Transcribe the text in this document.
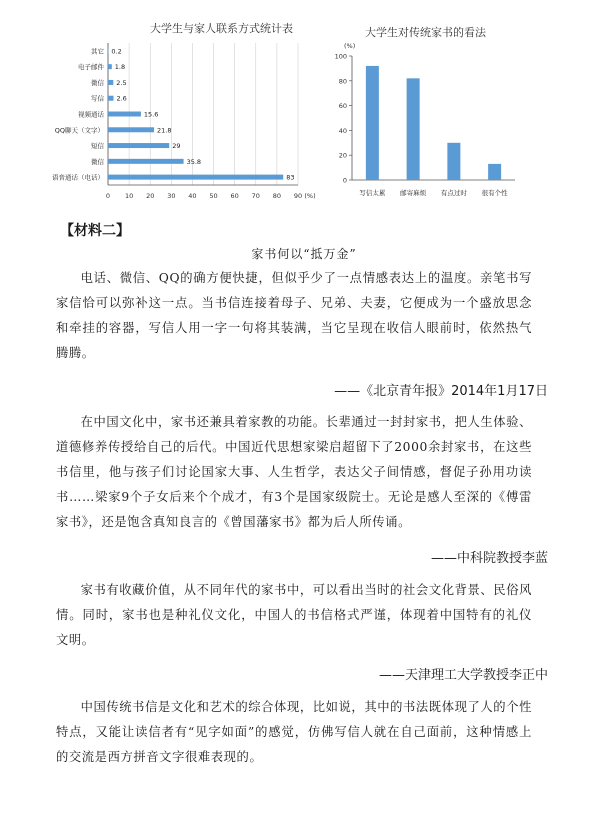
大学生与家人联系方式统计表
0 10 20 30 40 50 60 70 80 90 (%)
其它 0.2
电子邮件 1.8
微信 2.5
写信 2.6
视频通话	15.6
QQ聊天（文字）	21.8
短信	29
微信	35.8
语音通话（电话）	83
大学生对传统家书的看法
0
20
40
60
80
100
(%)
写信太累 邮寄麻烦 有点过时 很有个性
【材料二】
家书何以“抵万金”
电话、微信、QQ的确方便快捷，但似乎少了一点情感表达上的温度。亲笔书写家信恰可以弥补这一点。当书信连接着母子、兄弟、夫妻，它便成为一个盛放思念和牵挂的容器，写信人用一字一句将其装满，当它呈现在收信人眼前时，依然热气腾腾。
——《北京青年报》2014年1月17日
在中国文化中，家书还兼具着家教的功能。长辈通过一封封家书，把人生体验、道德修养传授给自己的后代。中国近代思想家梁启超留下了2000余封家书，在这些书信里，他与孩子们讨论国家大事、人生哲学，表达父子间情感，督促子孙用功读书……梁家9个子女后来个个成才，有3个是国家级院士。无论是感人至深的《傅雷家书》，还是饱含真知良言的《曾国藩家书》都为后人所传诵。
——中科院教授李蓝
家书有收藏价值，从不同年代的家书中，可以看出当时的社会文化背景、民俗风情。同时，家书也是种礼仪文化，中国人的书信格式严谨，体现着中国特有的礼仪文明。
——天津理工大学教授李正中
中国传统书信是文化和艺术的综合体现，比如说，其中的书法既体现了人的个性特点，又能让读信者有“见字如面”的感觉，仿佛写信人就在自己面前，这种情感上的交流是西方拼音文字很难表现的。
